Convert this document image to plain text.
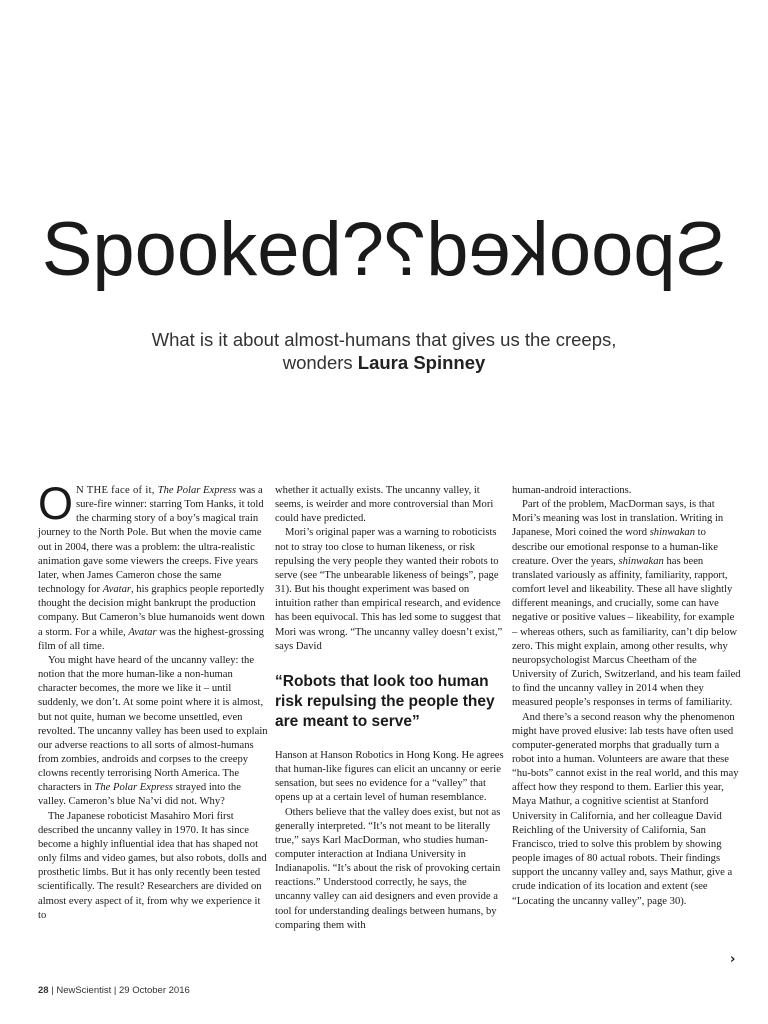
Spooked?Spooked?
What is it about almost-humans that gives us the creeps, wonders Laura Spinney

O N THE face of it, The Polar Express was a sure-fire winner: starring Tom Hanks, it told the charming story of a boy’s magical train journey to the North Pole. But when the movie came out in 2004, there was a problem: the ultra-realistic animation gave some viewers the creeps. Five years later, when James Cameron chose the same technology for Avatar, his graphics people reportedly thought the decision might bankrupt the production company. But Cameron’s blue humanoids went down a storm. For a while, Avatar was the highest-grossing film of all time.

You might have heard of the uncanny valley: the notion that the more human-like a non-human character becomes, the more we like it – until suddenly, we don’t. At some point where it is almost, but not quite, human we become unsettled, even revolted. The uncanny valley has been used to explain our adverse reactions to all sorts of almost-humans from zombies, androids and corpses to the creepy clowns recently terrorising North America. The characters in The Polar Express strayed into the valley. Cameron’s blue Na’vi did not. Why?

The Japanese roboticist Masahiro Mori first described the uncanny valley in 1970. It has since become a highly influential idea that has shaped not only films and video games, but also robots, dolls and prosthetic limbs. But it has only recently been tested scientifically. The result? Researchers are divided on almost every aspect of it, from why we experience it to

whether it actually exists. The uncanny valley, it seems, is weirder and more controversial than Mori could have predicted.

Mori’s original paper was a warning to roboticists not to stray too close to human likeness, or risk repulsing the very people they wanted their robots to serve (see “The unbearable likeness of beings”, page 31). But his thought experiment was based on intuition rather than empirical research, and evidence has been equivocal. This has led some to suggest that Mori was wrong. “The uncanny valley doesn’t exist,” says David

“Robots that look too human risk repulsing the people they are meant to serve”

Hanson at Hanson Robotics in Hong Kong. He agrees that human-like figures can elicit an uncanny or eerie sensation, but sees no evidence for a “valley” that opens up at a certain level of human resemblance.

Others believe that the valley does exist, but not as generally interpreted. “It’s not meant to be literally true,” says Karl MacDorman, who studies human-computer interaction at Indiana University in Indianapolis. “It’s about the risk of provoking certain reactions.” Understood correctly, he says, the uncanny valley can aid designers and even provide a tool for understanding dealings between humans, by comparing them with

human-android interactions.

Part of the problem, MacDorman says, is that Mori’s meaning was lost in translation. Writing in Japanese, Mori coined the word shinwakan to describe our emotional response to a human-like creature. Over the years, shinwakan has been translated variously as affinity, familiarity, rapport, comfort level and likeability. These all have slightly different meanings, and crucially, some can have negative or positive values – likeability, for example – whereas others, such as familiarity, can’t dip below zero. This might explain, among other results, why neuropsychologist Marcus Cheetham of the University of Zurich, Switzerland, and his team failed to find the uncanny valley in 2014 when they measured people’s responses in terms of familiarity.

And there’s a second reason why the phenomenon might have proved elusive: lab tests have often used computer-generated morphs that gradually turn a robot into a human. Volunteers are aware that these “hu-bots” cannot exist in the real world, and this may affect how they respond to them. Earlier this year, Maya Mathur, a cognitive scientist at Stanford University in California, and her colleague David Reichling of the University of California, San Francisco, tried to solve this problem by showing people images of 80 actual robots. Their findings support the uncanny valley and, says Mathur, give a crude indication of its location and extent (see “Locating the uncanny valley”, page 30).

›
28 | NewScientist | 29 October 2016
